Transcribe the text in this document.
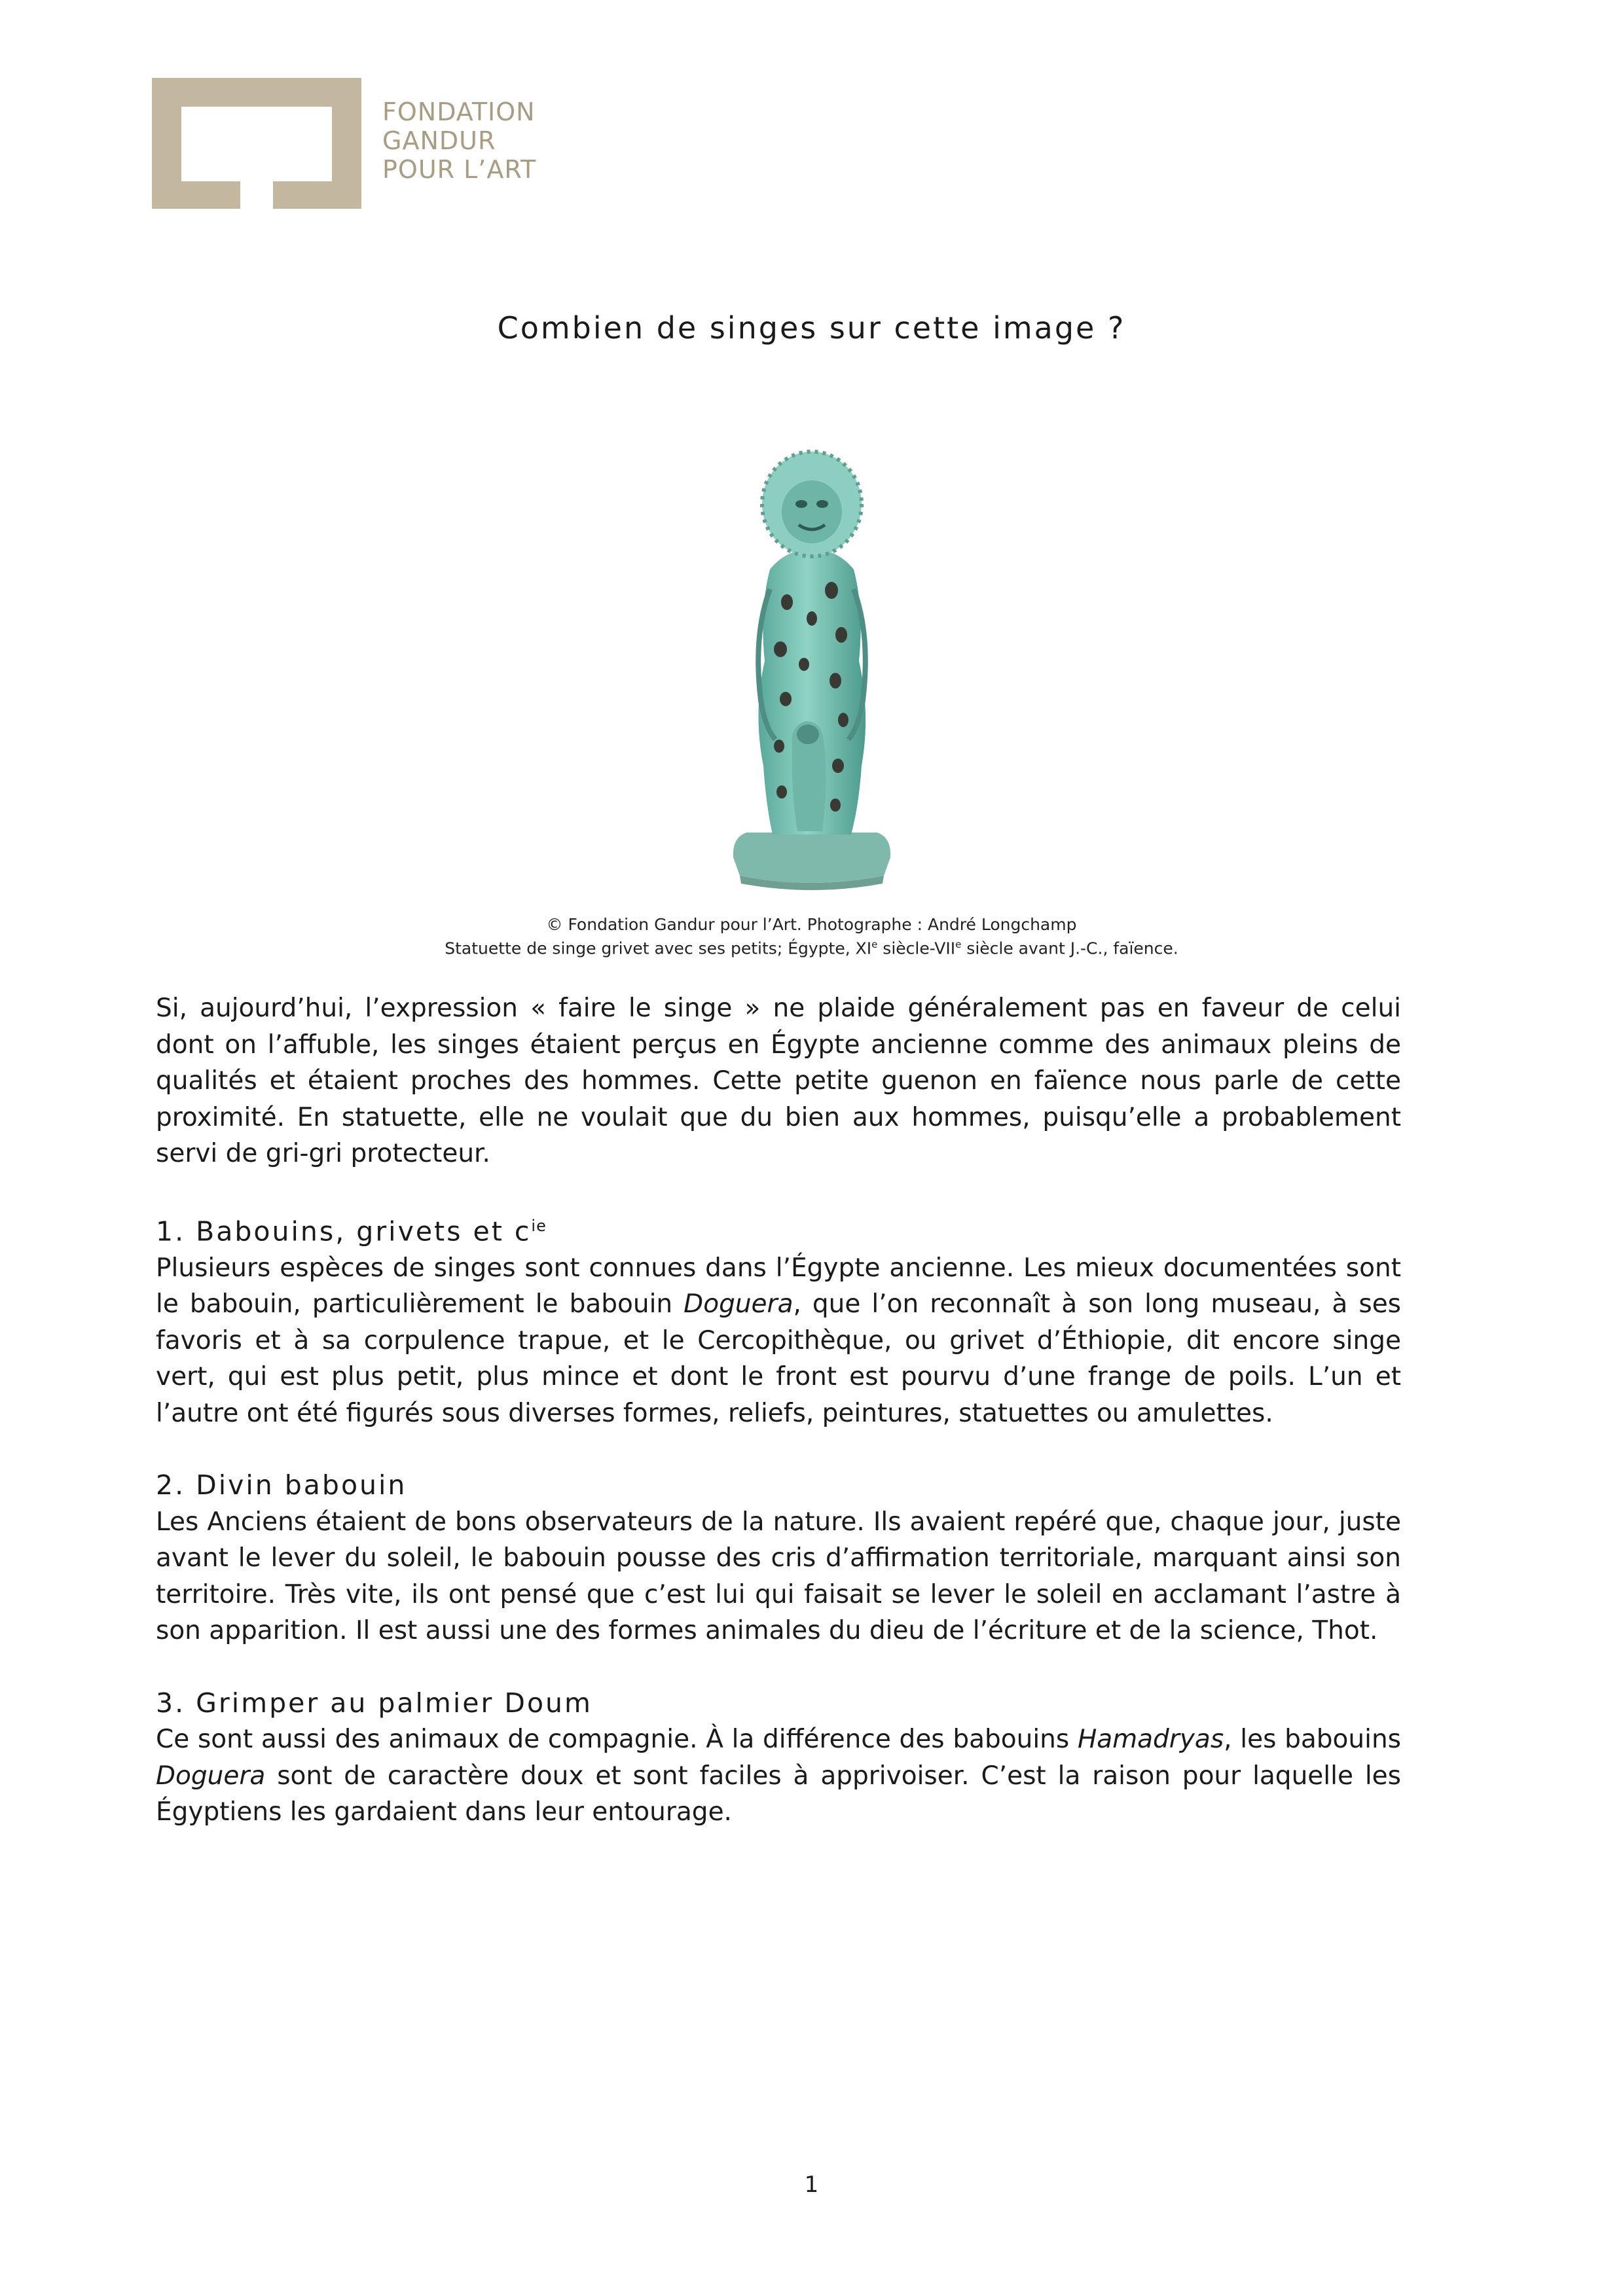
FONDATION
GANDUR
POUR L’ART
Combien de singes sur cette image ?
© Fondation Gandur pour l’Art. Photographe : André Longchamp
Statuette de singe grivet avec ses petits; Égypte, XIe siècle-VIIe siècle avant J.-C., faïence.

Si, aujourd’hui, l’expression « faire le singe » ne plaide généralement pas en faveur de celui dont on l’affuble, les singes étaient perçus en Égypte ancienne comme des animaux pleins de qualités et étaient proches des hommes. Cette petite guenon en faïence nous parle de cette proximité. En statuette, elle ne voulait que du bien aux hommes, puisqu’elle a probablement servi de gri-gri protecteur.

1. Babouins, grivets et $c^{ie}$

Plusieurs espèces de singes sont connues dans l’Égypte ancienne. Les mieux documentées sont le babouin, particulièrement le babouin Doguera, que l’on reconnaît à son long museau, à ses favoris et à sa corpulence trapue, et le Cercopithèque, ou grivet d’Éthiopie, dit encore singe vert, qui est plus petit, plus mince et dont le front est pourvu d’une frange de poils. L’un et l’autre ont été figurés sous diverses formes, reliefs, peintures, statuettes ou amulettes.

2. Divin babouin

Les Anciens étaient de bons observateurs de la nature. Ils avaient repéré que, chaque jour, juste avant le lever du soleil, le babouin pousse des cris d’affirmation territoriale, marquant ainsi son territoire. Très vite, ils ont pensé que c’est lui qui faisait se lever le soleil en acclamant l’astre à son apparition. Il est aussi une des formes animales du dieu de l’écriture et de la science, Thot.

3. Grimper au palmier Doum

Ce sont aussi des animaux de compagnie. À la différence des babouins Hamadryas, les babouins Doguera sont de caractère doux et sont faciles à apprivoiser. C’est la raison pour laquelle les Égyptiens les gardaient dans leur entourage.

1
